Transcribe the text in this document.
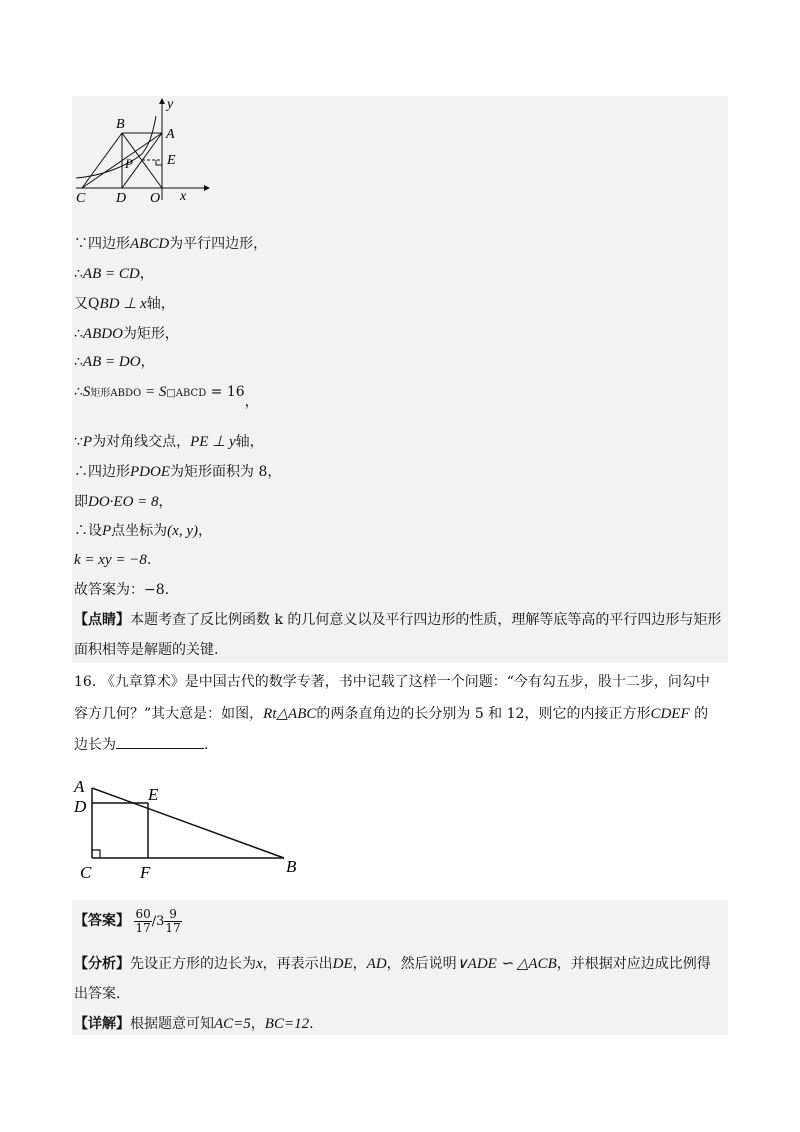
y
B
A
E
P
C D O x
∵四边形ABCD为平行四边形，
∴AB = CD，
又QBD ⊥ x轴，
∴ABDO为矩形，
∴AB = DO，
∴S矩形ABDO = S□ABCD = 16，
∵P为对角线交点，PE ⊥ y轴，
∴四边形PDOE为矩形面积为 8，
即DO·EO = 8，
∴设P点坐标为(x, y)，
k = xy = −8.
故答案为：−8.
【点睛】本题考查了反比例函数 k 的几何意义以及平行四边形的性质，理解等底等高的平行四边形与矩形
面积相等是解题的关键.
16. 《九章算术》是中国古代的数学专著，书中记载了这样一个问题：“今有勾五步，股十二步，问勾中
容方几何？”其大意是：如图，Rt△ABC的两条直角边的长分别为 5 和 12，则它的内接正方形CDEF 的
边长为	.
A
D
E
C	F	B
【答案】 $\frac{60}{17} /3 \frac{9}{17}$
【分析】先设正方形的边长为x，再表示出DE，AD，然后说明∨ADE ∽ △ACB，并根据对应边成比例得
出答案.
【详解】根据题意可知AC=5，BC=12.
